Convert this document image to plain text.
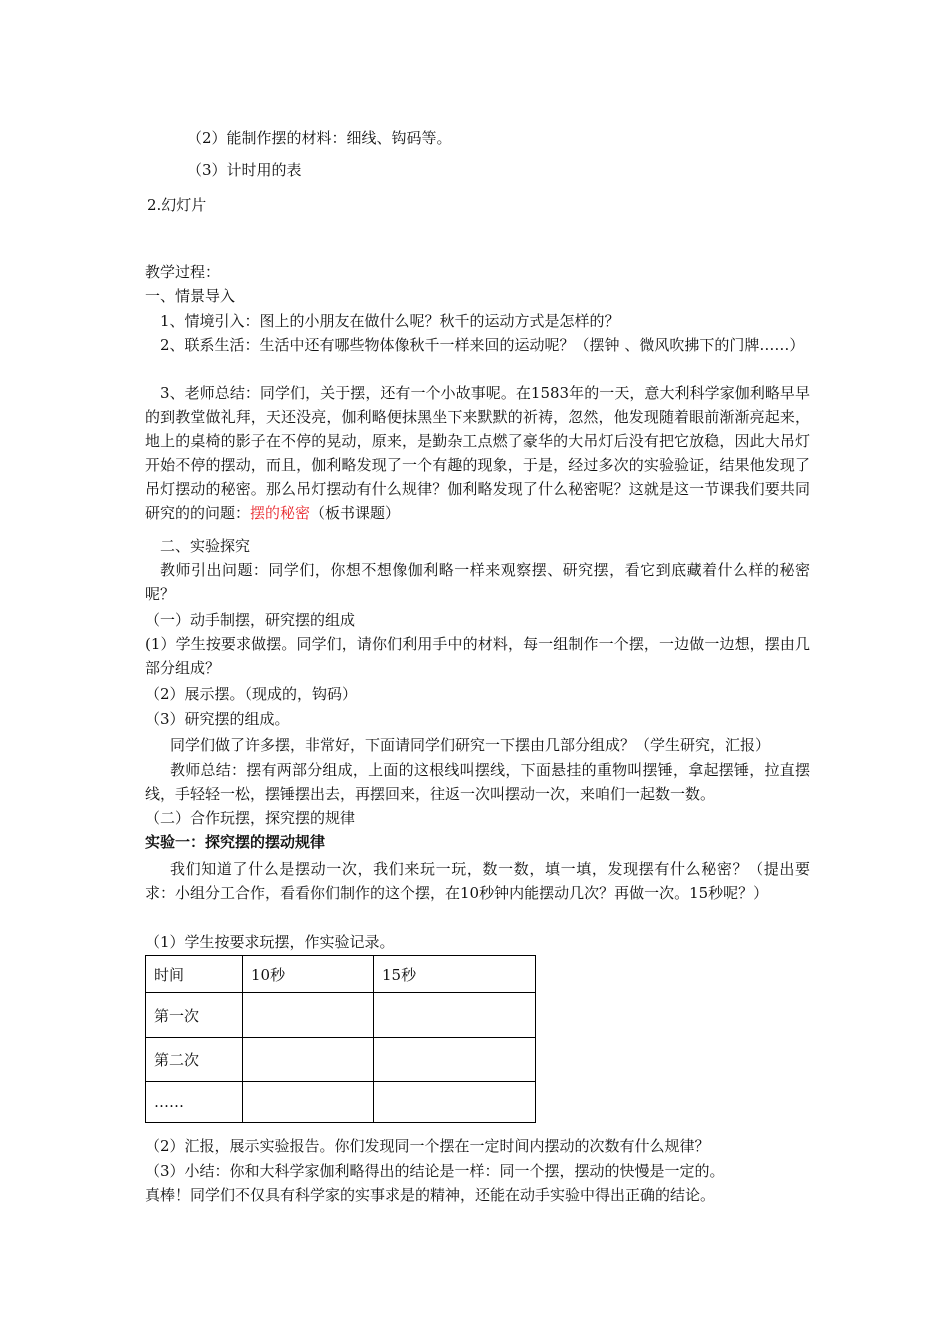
（2）能制作摆的材料：细线、钩码等。
（3）计时用的表
2.幻灯片
教学过程：
一、情景导入
1、情境引入：图上的小朋友在做什么呢？秋千的运动方式是怎样的？
2、联系生活：生活中还有哪些物体像秋千一样来回的运动呢？（摆钟 、微风吹拂下的门牌……）
3、老师总结：同学们，关于摆，还有一个小故事呢。在1583年的一天，意大利科学家伽利略早早的到教堂做礼拜，天还没亮，伽利略便抹黑坐下来默默的祈祷，忽然，他发现随着眼前渐渐亮起来，地上的桌椅的影子在不停的晃动，原来，是勤杂工点燃了豪华的大吊灯后没有把它放稳，因此大吊灯开始不停的摆动，而且，伽利略发现了一个有趣的现象，于是，经过多次的实验验证，结果他发现了吊灯摆动的秘密。那么吊灯摆动有什么规律？伽利略发现了什么秘密呢？这就是这一节课我们要共同研究的的问题：摆的秘密（板书课题）
二、实验探究
教师引出问题：同学们，你想不想像伽利略一样来观察摆、研究摆，看它到底藏着什么样的秘密呢？
（一）动手制摆，研究摆的组成
(1）学生按要求做摆。同学们，请你们利用手中的材料，每一组制作一个摆，一边做一边想，摆由几部分组成？
（2）展示摆。（现成的，钩码）
（3）研究摆的组成。
同学们做了许多摆，非常好，下面请同学们研究一下摆由几部分组成？（学生研究，汇报）
教师总结：摆有两部分组成，上面的这根线叫摆线，下面悬挂的重物叫摆锤，拿起摆锤，拉直摆线，手轻轻一松，摆锤摆出去，再摆回来，往返一次叫摆动一次，来咱们一起数一数。
（二）合作玩摆，探究摆的规律
实验一：探究摆的摆动规律
我们知道了什么是摆动一次，我们来玩一玩，数一数，填一填，发现摆有什么秘密？（提出要求：小组分工合作，看看你们制作的这个摆，在10秒钟内能摆动几次？再做一次。15秒呢？）
（1）学生按要求玩摆，作实验记录。
时间	10秒	15秒
第一次		
第二次		
……		
（2）汇报，展示实验报告。你们发现同一个摆在一定时间内摆动的次数有什么规律？
（3）小结：你和大科学家伽利略得出的结论是一样：同一个摆，摆动的快慢是一定的。
真棒！同学们不仅具有科学家的实事求是的精神，还能在动手实验中得出正确的结论。
